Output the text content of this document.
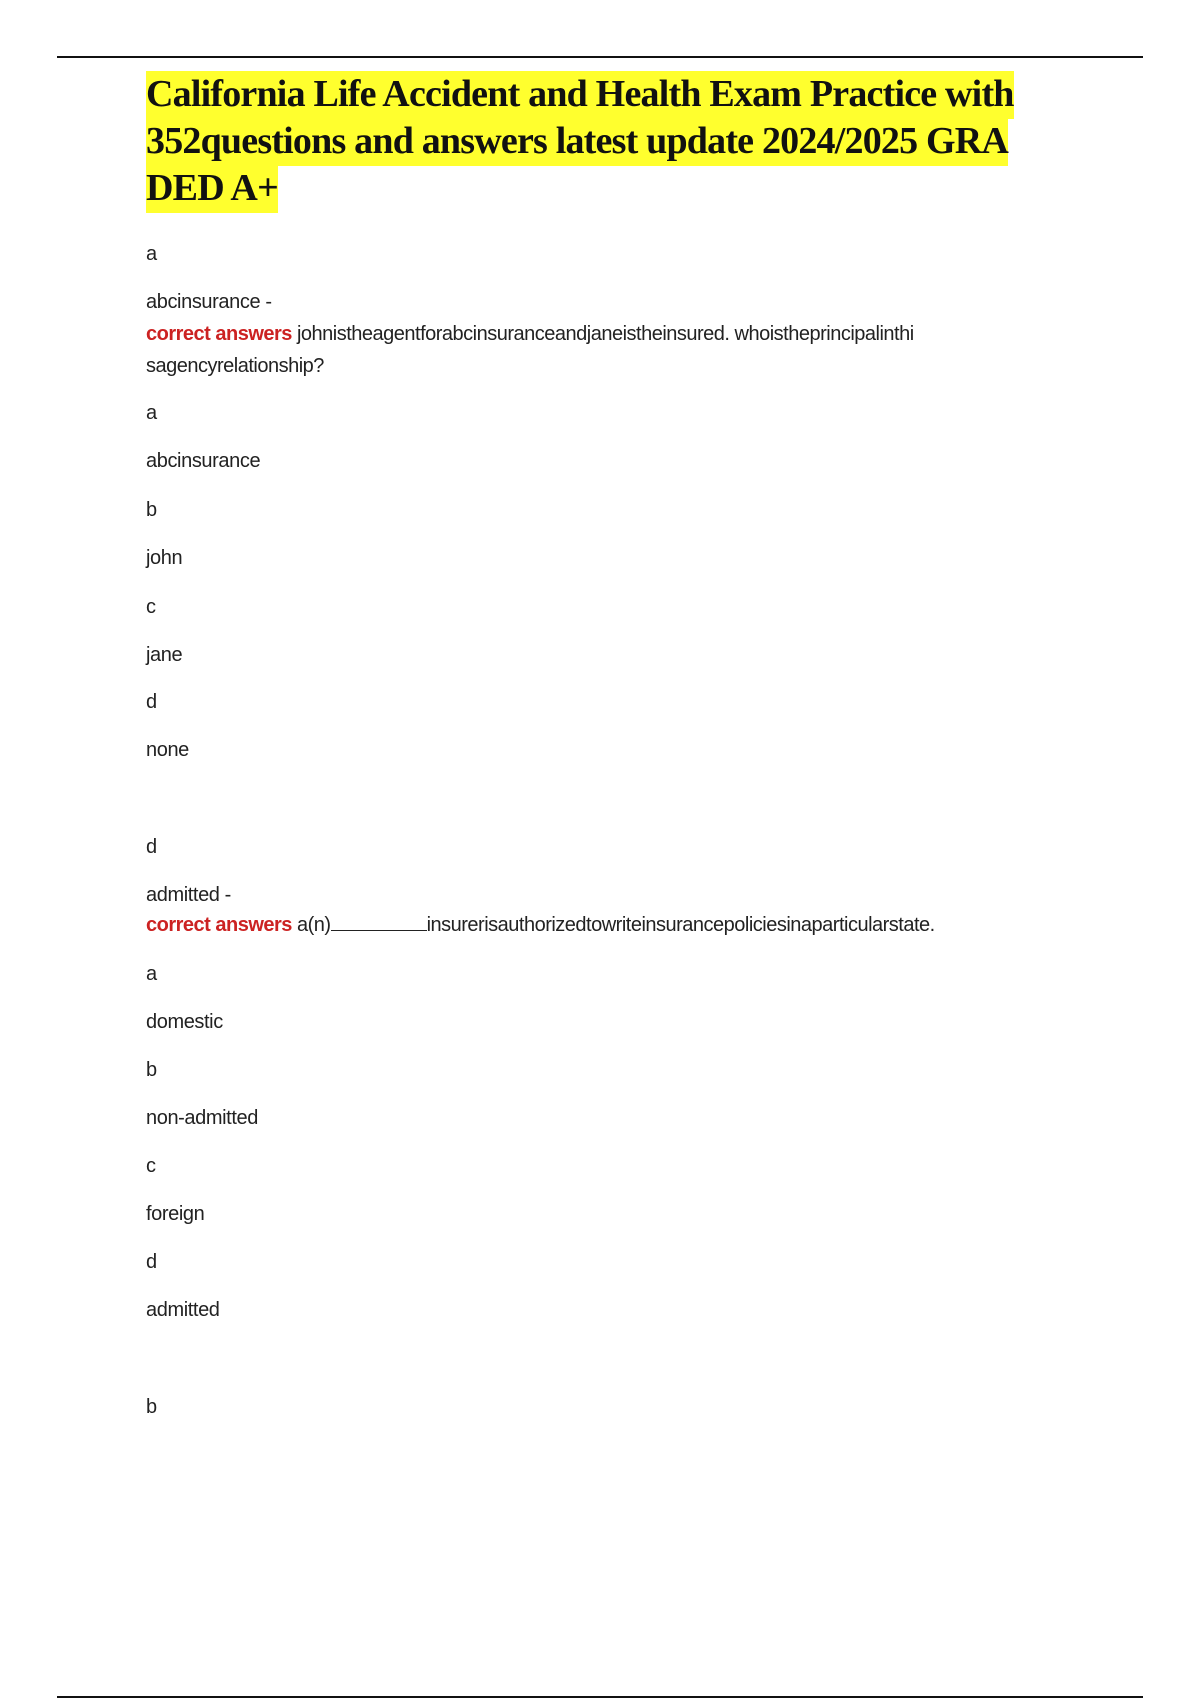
California Life Accident and Health Exam Practice with 352questions and answers latest update 2024/2025 GRA DED A+

a

abcinsurance -

correct answers johnistheagentforabcinsuranceandjaneistheinsured. whoistheprincipalinthi sagencyrelationship?

a

abcinsurance

b

john

c

jane

d

none

d

admitted -

correct answers a(n)	insurerisauthorizedtowriteinsurancepoliciesinaparticularstate.

a

domestic

b

non-admitted

c

foreign

d

admitted

b
